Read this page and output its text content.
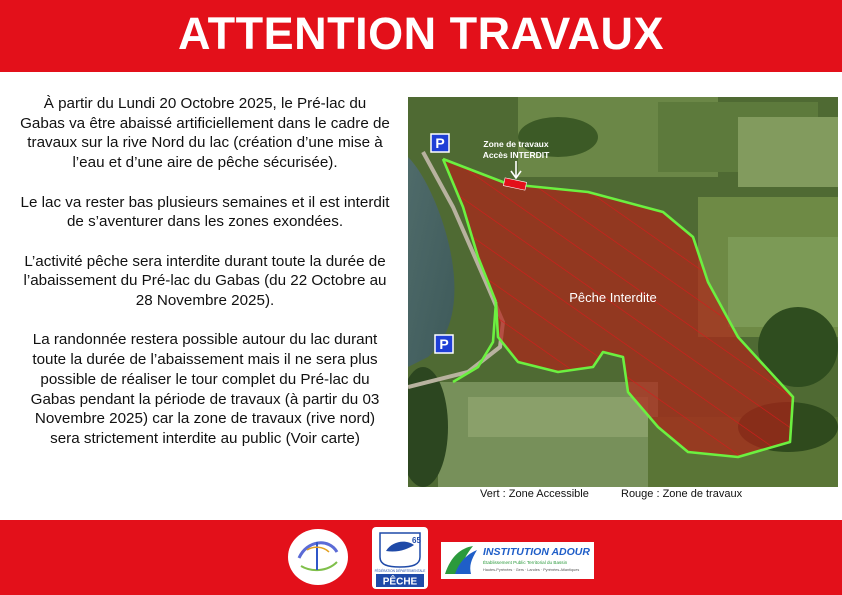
ATTENTION TRAVAUX

À partir du Lundi 20 Octobre 2025, le Pré-lac du Gabas va être abaissé artificiellement dans le cadre de travaux sur la rive Nord du lac (création d’une mise à l’eau et d’une aire de pêche sécurisée).

Le lac va rester bas plusieurs semaines et il est interdit de s’aventurer dans les zones exondées.

L’activité pêche sera interdite durant toute la durée de l’abaissement du Pré-lac du Gabas (du 22 Octobre au 28 Novembre 2025).

La randonnée restera possible autour du lac durant toute la durée de l’abaissement mais il ne sera plus possible de réaliser le tour complet du Pré-lac du Gabas pendant la période de travaux (à partir du 03 Novembre 2025) car la zone de travaux (rive nord) sera strictement interdite au public (Voir carte)

Zone de travaux
Accès INTERDIT
Pêche Interdite
P
P
Vert : Zone Accessible	Rouge : Zone de travaux
65
FÉDÉRATION DÉPARTEMENTALE
PÊCHE
INSTITUTION ADOUR
Établissement Public Territorial du Bassin
Hautes-Pyrénées · Gers · Landes · Pyrénées-Atlantiques
